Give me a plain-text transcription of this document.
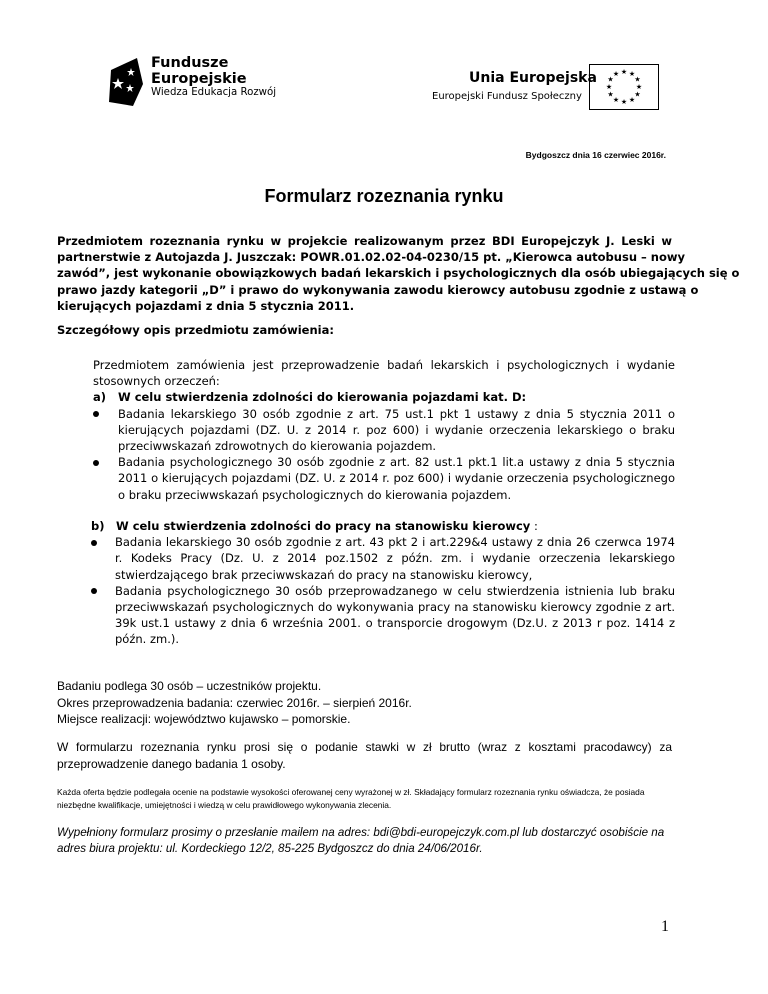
Fundusze
Europejskie
Wiedza Edukacja Rozwój
Unia Europejska
Europejski Fundusz Społeczny
★ ★
★
★
★
★
★
★
★
★
★
★
Bydgoszcz dnia 16 czerwiec 2016r.
Formularz rozeznania rynku
Przedmiotem rozeznania rynku w projekcie realizowanym przez BDI Europejczyk J. Leski w
partnerstwie z Autojazda J. Juszczak: POWR.01.02.02-04-0230/15 pt. „Kierowca autobusu – nowy
zawód”, jest wykonanie obowiązkowych badań lekarskich i psychologicznych dla osób ubiegających się o
prawo jazdy kategorii „D” i prawo do wykonywania zawodu kierowcy autobusu zgodnie z ustawą o
kierujących pojazdami z dnia 5 stycznia 2011.
Szczegółowy opis przedmiotu zamówienia:
Przedmiotem zamówienia jest przeprowadzenie badań lekarskich i psychologicznych i wydanie stosownych orzeczeń:
a) W celu stwierdzenia zdolności do kierowania pojazdami kat. D:
Badania lekarskiego 30 osób zgodnie z art. 75 ust.1 pkt 1 ustawy z dnia 5 stycznia 2011 o kierujących pojazdami (DZ. U. z 2014 r. poz 600) i wydanie orzeczenia lekarskiego o braku przeciwwskazań zdrowotnych do kierowania pojazdem.
Badania psychologicznego 30 osób zgodnie z art. 82 ust.1 pkt.1 lit.a ustawy z dnia 5 stycznia 2011 o kierujących pojazdami (DZ. U. z 2014 r. poz 600) i wydanie orzeczenia psychologicznego o braku przeciwwskazań psychologicznych do kierowania pojazdem.
b) W celu stwierdzenia zdolności do pracy na stanowisku kierowcy :
Badania lekarskiego 30 osób zgodnie z art. 43 pkt 2 i art.229&4 ustawy z dnia 26 czerwca 1974 r. Kodeks Pracy (Dz. U. z 2014 poz.1502 z późn. zm. i wydanie orzeczenia lekarskiego stwierdzającego brak przeciwwskazań do pracy na stanowisku kierowcy,
Badania psychologicznego 30 osób przeprowadzanego w celu stwierdzenia istnienia lub braku przeciwwskazań psychologicznych do wykonywania pracy na stanowisku kierowcy zgodnie z art. 39k ust.1 ustawy z dnia 6 września 2001. o transporcie drogowym (Dz.U. z 2013 r poz. 1414 z późn. zm.).
Badaniu podlega 30 osób – uczestników projektu.
Okres przeprowadzenia badania: czerwiec 2016r. – sierpień 2016r.
Miejsce realizacji: województwo kujawsko – pomorskie.
W formularzu rozeznania rynku prosi się o podanie stawki w zł brutto (wraz z kosztami pracodawcy) za przeprowadzenie danego badania 1 osoby.
Każda oferta będzie podlegała ocenie na podstawie wysokości oferowanej ceny wyrażonej w zł. Składający formularz rozeznania rynku oświadcza, że posiada niezbędne kwalifikacje, umiejętności i wiedzą w celu prawidłowego wykonywania zlecenia.
Wypełniony formularz prosimy o przesłanie mailem na adres: bdi@bdi-europejczyk.com.pl lub dostarczyć osobiście na adres biura projektu: ul. Kordeckiego 12/2, 85-225 Bydgoszcz do dnia 24/06/2016r.
1
